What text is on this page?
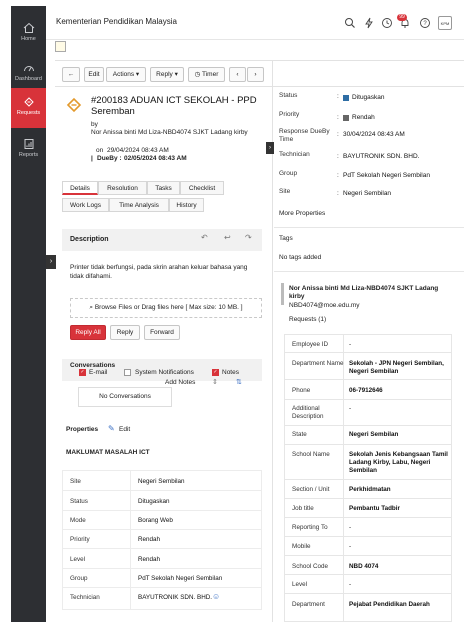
Home
Dashboard
Requests
Reports
Kementerian Pendidikan Malaysia	99
?	KPM
←	Edit	Actions ▾	Reply ▾	◷ Timer	‹	›
›
›
#200183 ADUAN ICT SEKOLAH - PPD Seremban
by
Nor Anissa binti Md Liza-NBD4074 SJKT Ladang kirby
on 29/04/2024 08:43 AM
| DueBy : 02/05/2024 08:43 AM
Details	Resolution	Tasks	Checklist
Work Logs	Time Analysis	History
Description	↶ ↩ ↷
Printer tidak berfungsi, pada skrin arahan keluar bahasa yang tidak difahami.
⌕ Browse Files or Drag files here [ Max size: 10 MB. ]
Reply All	Reply	Forward
Conversations
✓ E-mail	System Notifications	✓ Notes
Add Notes ⇕	⇅
No Conversations
Properties ✎ Edit
MAKLUMAT MASALAH ICT
Site	Negeri Sembilan
Status	Ditugaskan
Mode	Borang Web
Priority	Rendah
Level	Rendah
Group	PdT Sekolah Negeri Sembilan
Technician	BAYUTRONIK SDN. BHD. ☺
Status	: Ditugaskan
Priority	: Rendah
Response DueBy Time
: 30/04/2024 08:43 AM
Technician	: BAYUTRONIK SDN. BHD.
Group	: PdT Sekolah Negeri Sembilan
Site	: Negeri Sembilan
More Properties
Tags
No tags added
Nor Anissa binti Md Liza-NBD4074 SJKT Ladang kirby
NBD4074@moe.edu.my
Requests (1)
Employee ID	-
Department Name Sekolah - JPN Negeri Sembilan, Negeri Sembilan
Phone	06-7912646
Additional Description
-
State	Negeri Sembilan
School Name	Sekolah Jenis Kebangsaan Tamil Ladang Kirby, Labu, Negeri Sembilan
Section / Unit	Perkhidmatan
Job title	Pembantu Tadbir
Reporting To	-
Mobile	-
School Code	NBD 4074
Level	-
Department	Pejabat Pendidikan Daerah
